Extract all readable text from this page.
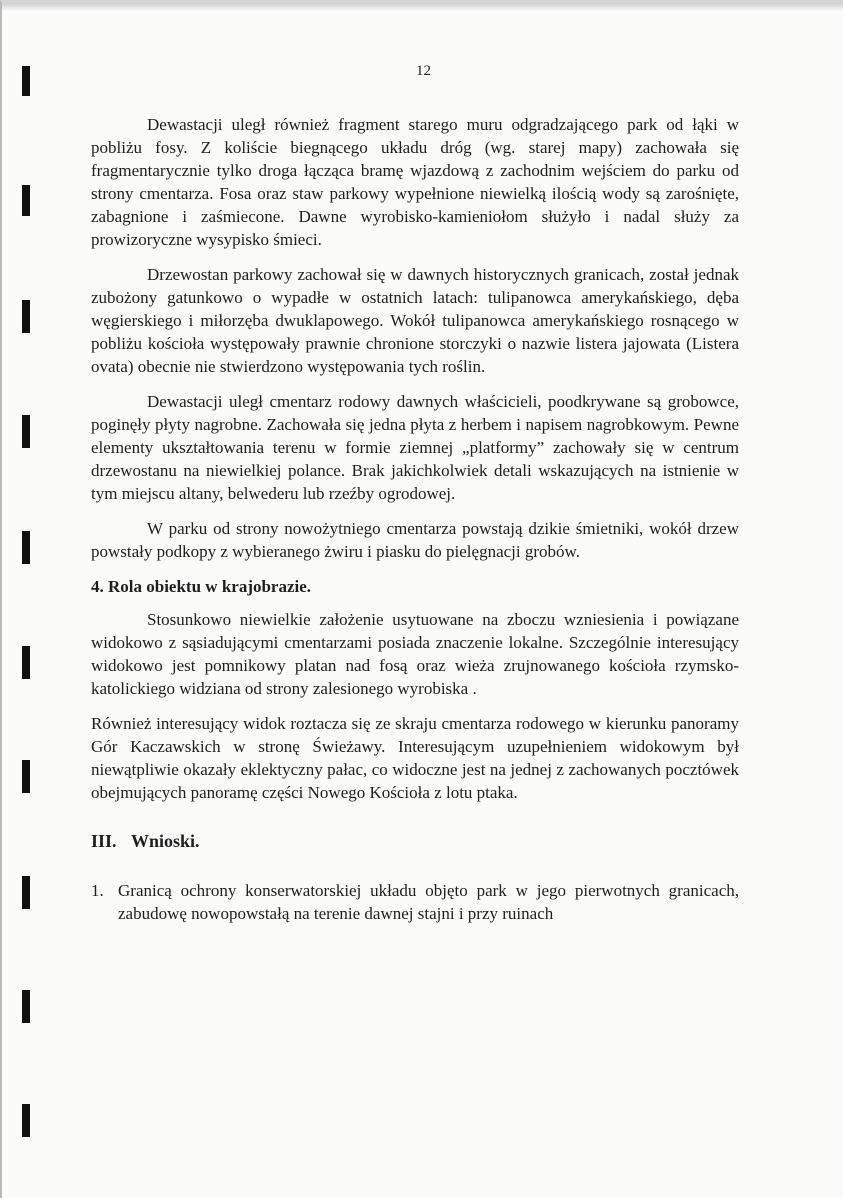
12

Dewastacji uległ również fragment starego muru odgradzającego park od łąki w pobliżu fosy. Z koliście biegnącego układu dróg (wg. starej mapy) zachowała się fragmentarycznie tylko droga łącząca bramę wjazdową z zachodnim wejściem do parku od strony cmentarza. Fosa oraz staw parkowy wypełnione niewielką ilością wody są zarośnięte, zabagnione i zaśmiecone. Dawne wyrobisko-kamieniołom służyło i nadal służy za prowizoryczne wysypisko śmieci.

Drzewostan parkowy zachował się w dawnych historycznych granicach, został jednak zubożony gatunkowo o wypadłe w ostatnich latach: tulipanowca amerykańskiego, dęba węgierskiego i miłorzęba dwuklapowego. Wokół tulipanowca amerykańskiego rosnącego w pobliżu kościoła występowały prawnie chronione storczyki o nazwie listera jajowata (Listera ovata) obecnie nie stwierdzono występowania tych roślin.

Dewastacji uległ cmentarz rodowy dawnych właścicieli, poodkrywane są grobowce, poginęły płyty nagrobne. Zachowała się jedna płyta z herbem i napisem nagrobkowym. Pewne elementy ukształtowania terenu w formie ziemnej „platformy” zachowały się w centrum drzewostanu na niewielkiej polance. Brak jakichkolwiek detali wskazujących na istnienie w tym miejscu altany, belwederu lub rzeźby ogrodowej.

W parku od strony nowożytniego cmentarza powstają dzikie śmietniki, wokół drzew powstały podkopy z wybieranego żwiru i piasku do pielęgnacji grobów.

4. Rola obiektu w krajobrazie.

Stosunkowo niewielkie założenie usytuowane na zboczu wzniesienia i powiązane widokowo z sąsiadującymi cmentarzami posiada znaczenie lokalne. Szczególnie interesujący widokowo jest pomnikowy platan nad fosą oraz wieża zrujnowanego kościoła rzymsko-katolickiego widziana od strony zalesionego wyrobiska .

Również interesujący widok roztacza się ze skraju cmentarza rodowego w kierunku panoramy Gór Kaczawskich w stronę Świeżawy. Interesującym uzupełnieniem widokowym był niewątpliwie okazały eklektyczny pałac, co widoczne jest na jednej z zachowanych pocztówek obejmujących panoramę części Nowego Kościoła z lotu ptaka.

III. Wnioski.
1. Granicą ochrony konserwatorskiej układu objęto park w jego pierwotnych granicach, zabudowę nowopowstałą na terenie dawnej stajni i przy ruinach
